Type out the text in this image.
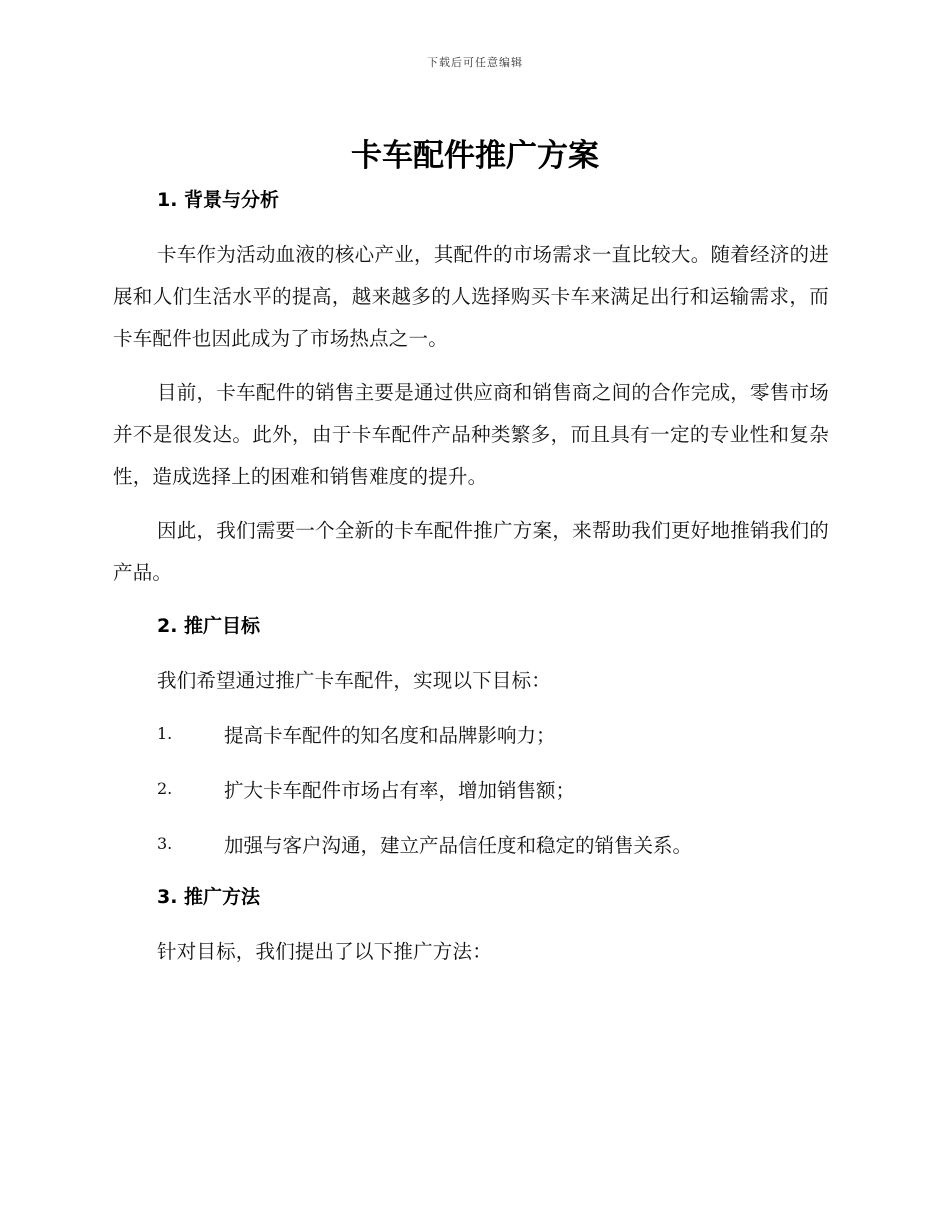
下载后可任意编辑
卡车配件推广方案
1. 背景与分析

卡车作为活动血液的核心产业，其配件的市场需求一直比较大。随着经济的进展和人们生活水平的提高，越来越多的人选择购买卡车来满足出行和运输需求，而卡车配件也因此成为了市场热点之一。

目前，卡车配件的销售主要是通过供应商和销售商之间的合作完成，零售市场并不是很发达。此外，由于卡车配件产品种类繁多，而且具有一定的专业性和复杂性，造成选择上的困难和销售难度的提升。

因此，我们需要一个全新的卡车配件推广方案，来帮助我们更好地推销我们的产品。

2. 推广目标

我们希望通过推广卡车配件，实现以下目标：

1.	提高卡车配件的知名度和品牌影响力；
2.	扩大卡车配件市场占有率，增加销售额；
3.	加强与客户沟通，建立产品信任度和稳定的销售关系。
3. 推广方法

针对目标，我们提出了以下推广方法：
